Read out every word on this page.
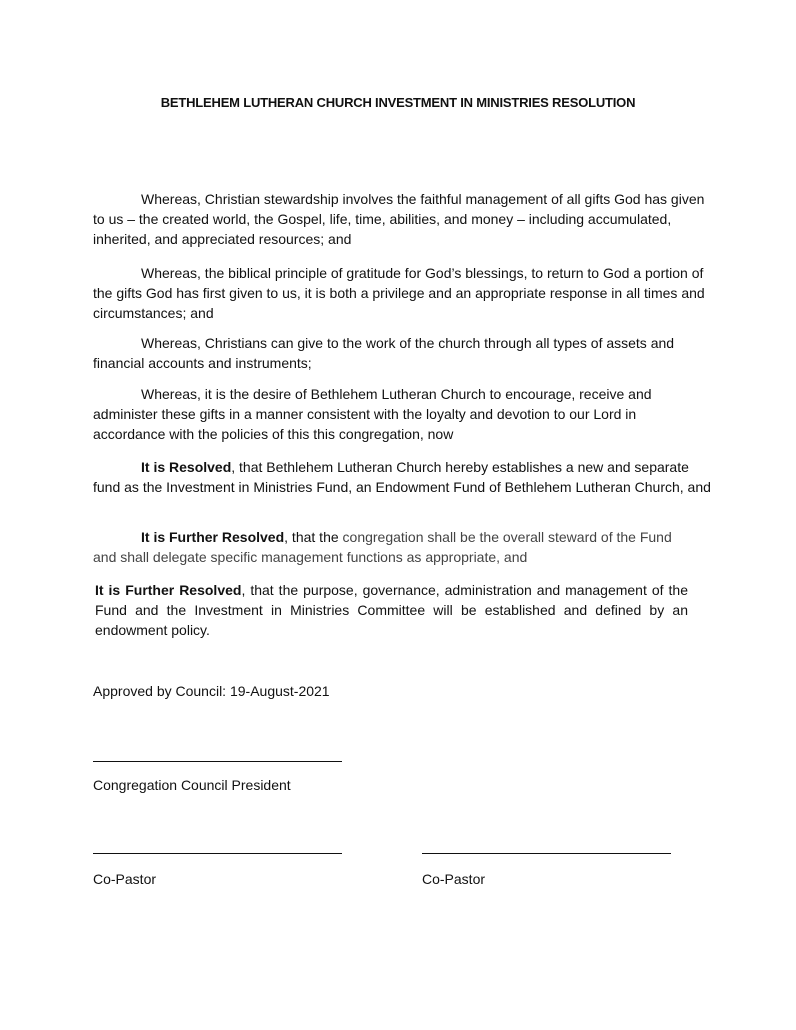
BETHLEHEM LUTHERAN CHURCH INVESTMENT IN MINISTRIES RESOLUTION

Whereas, Christian stewardship involves the faithful management of all gifts God has given to us – the created world, the Gospel, life, time, abilities, and money – including accumulated, inherited, and appreciated resources; and

Whereas, the biblical principle of gratitude for God’s blessings, to return to God a portion of the gifts God has first given to us, it is both a privilege and an appropriate response in all times and circumstances; and

Whereas, Christians can give to the work of the church through all types of assets and financial accounts and instruments;

Whereas, it is the desire of Bethlehem Lutheran Church to encourage, receive and administer these gifts in a manner consistent with the loyalty and devotion to our Lord in accordance with the policies of this this congregation, now

It is Resolved, that Bethlehem Lutheran Church hereby establishes a new and separate fund as the Investment in Ministries Fund, an Endowment Fund of Bethlehem Lutheran Church, and

It is Further Resolved, that the congregation shall be the overall steward of the Fund and shall delegate specific management functions as appropriate, and

It is Further Resolved, that the purpose, governance, administration and management of the Fund and the Investment in Ministries Committee will be established and defined by an endowment policy.

Approved by Council: 19-August-2021
Congregation Council President
Co-Pastor	Co-Pastor
